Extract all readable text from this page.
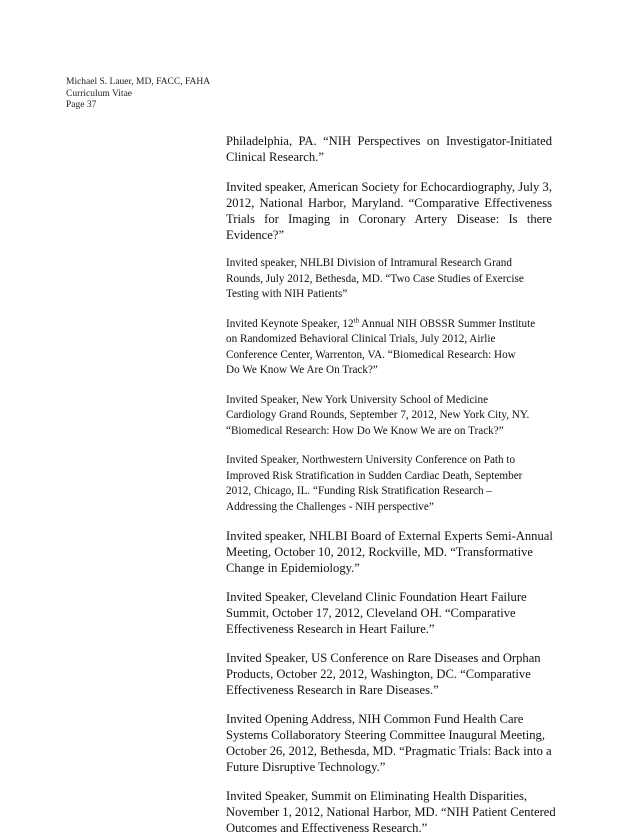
Michael S. Lauer, MD, FACC, FAHA
Curriculum Vitae
Page 37

Philadelphia, PA. “NIH Perspectives on Investigator-Initiated
Clinical Research.”

Invited speaker, American Society for Echocardiography, July 3,
2012, National Harbor, Maryland. “Comparative Effectiveness
Trials for Imaging in Coronary Artery Disease: Is there Evidence?”

Invited speaker, NHLBI Division of Intramural Research Grand
Rounds, July 2012, Bethesda, MD. “Two Case Studies of Exercise
Testing with NIH Patients”

Invited Keynote Speaker, 12th Annual NIH OBSSR Summer Institute
on Randomized Behavioral Clinical Trials, July 2012, Airlie
Conference Center, Warrenton, VA. “Biomedical Research: How
Do We Know We Are On Track?”

Invited Speaker, New York University School of Medicine
Cardiology Grand Rounds, September 7, 2012, New York City, NY.
“Biomedical Research: How Do We Know We are on Track?”

Invited Speaker, Northwestern University Conference on Path to
Improved Risk Stratification in Sudden Cardiac Death, September
2012, Chicago, IL. “Funding Risk Stratification Research –
Addressing the Challenges - NIH perspective”

Invited speaker, NHLBI Board of External Experts Semi-Annual
Meeting, October 10, 2012, Rockville, MD. “Transformative
Change in Epidemiology.”

Invited Speaker, Cleveland Clinic Foundation Heart Failure
Summit, October 17, 2012, Cleveland OH. “Comparative
Effectiveness Research in Heart Failure.”

Invited Speaker, US Conference on Rare Diseases and Orphan
Products, October 22, 2012, Washington, DC. “Comparative
Effectiveness Research in Rare Diseases.”

Invited Opening Address, NIH Common Fund Health Care
Systems Collaboratory Steering Committee Inaugural Meeting,
October 26, 2012, Bethesda, MD. “Pragmatic Trials: Back into a
Future Disruptive Technology.”

Invited Speaker, Summit on Eliminating Health Disparities,
November 1, 2012, National Harbor, MD. “NIH Patient Centered
Outcomes and Effectiveness Research.”
